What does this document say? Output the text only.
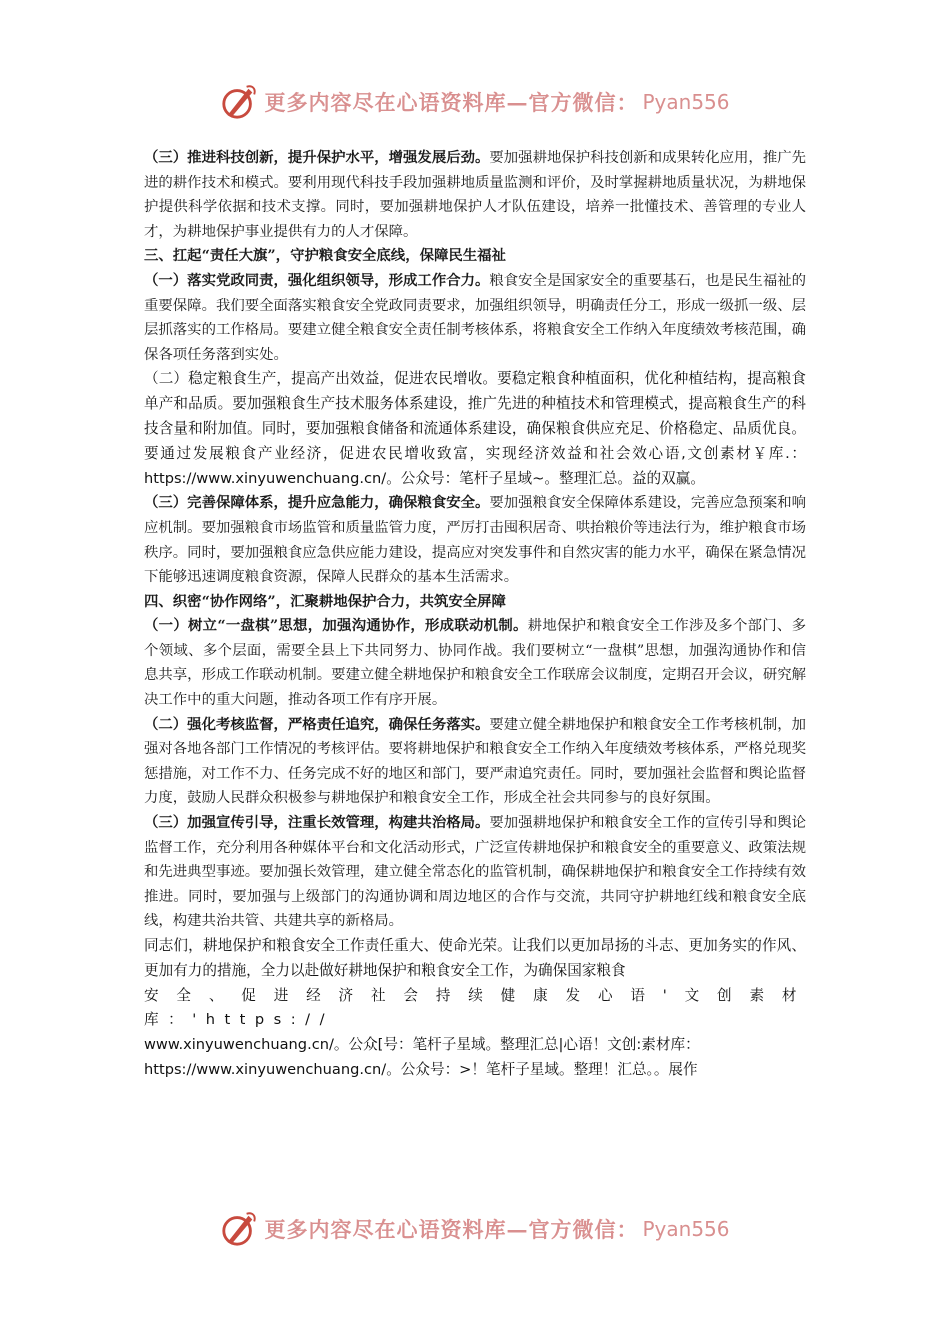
更多内容尽在心语资料库—官方微信： Pyan556

（三）推进科技创新，提升保护水平，增强发展后劲。要加强耕地保护科技创新和成果转化应用，推广先进的耕作技术和模式。要利用现代科技手段加强耕地质量监测和评价，及时掌握耕地质量状况，为耕地保护提供科学依据和技术支撑。同时，要加强耕地保护人才队伍建设，培养一批懂技术、善管理的专业人才，为耕地保护事业提供有力的人才保障。

三、扛起“责任大旗”，守护粮食安全底线，保障民生福祉

（一）落实党政同责，强化组织领导，形成工作合力。粮食安全是国家安全的重要基石，也是民生福祉的重要保障。我们要全面落实粮食安全党政同责要求，加强组织领导，明确责任分工，形成一级抓一级、层层抓落实的工作格局。要建立健全粮食安全责任制考核体系，将粮食安全工作纳入年度绩效考核范围，确保各项任务落到实处。

（二）稳定粮食生产，提高产出效益，促进农民增收。要稳定粮食种植面积，优化种植结构，提高粮食单产和品质。要加强粮食生产技术服务体系建设，推广先进的种植技术和管理模式，提高粮食生产的科技含量和附加值。同时，要加强粮食储备和流通体系建设，确保粮食供应充足、价格稳定、品质优良。要通过发展粮食产业经济，促进农民增收致富，实现经济效益和社会效心语,文创素材￥库.：https://www.xinyuwenchuang.cn/。公众号：笔杆子星域~。整理汇总。益的双赢。

（三）完善保障体系，提升应急能力，确保粮食安全。要加强粮食安全保障体系建设，完善应急预案和响应机制。要加强粮食市场监管和质量监管力度，严厉打击囤积居奇、哄抬粮价等违法行为，维护粮食市场秩序。同时，要加强粮食应急供应能力建设，提高应对突发事件和自然灾害的能力水平，确保在紧急情况下能够迅速调度粮食资源，保障人民群众的基本生活需求。

四、织密“协作网络”，汇聚耕地保护合力，共筑安全屏障

（一）树立“一盘棋”思想，加强沟通协作，形成联动机制。耕地保护和粮食安全工作涉及多个部门、多个领域、多个层面，需要全县上下共同努力、协同作战。我们要树立“一盘棋”思想，加强沟通协作和信息共享，形成工作联动机制。要建立健全耕地保护和粮食安全工作联席会议制度，定期召开会议，研究解决工作中的重大问题，推动各项工作有序开展。

（二）强化考核监督，严格责任追究，确保任务落实。要建立健全耕地保护和粮食安全工作考核机制，加强对各地各部门工作情况的考核评估。要将耕地保护和粮食安全工作纳入年度绩效考核体系，严格兑现奖惩措施，对工作不力、任务完成不好的地区和部门，要严肃追究责任。同时，要加强社会监督和舆论监督力度，鼓励人民群众积极参与耕地保护和粮食安全工作，形成全社会共同参与的良好氛围。

（三）加强宣传引导，注重长效管理，构建共治格局。要加强耕地保护和粮食安全工作的宣传引导和舆论监督工作，充分利用各种媒体平台和文化活动形式，广泛宣传耕地保护和粮食安全的重要意义、政策法规和先进典型事迹。要加强长效管理，建立健全常态化的监管机制，确保耕地保护和粮食安全工作持续有效推进。同时，要加强与上级部门的沟通协调和周边地区的合作与交流，共同守护耕地红线和粮食安全底线，构建共治共管、共建共享的新格局。

同志们，耕地保护和粮食安全工作责任重大、使命光荣。让我们以更加昂扬的斗志、更加务实的作风、更加有力的措施，全力以赴做好耕地保护和粮食安全工作，为确保国家粮食

安全、促进经济社会持续健康发心语'文创素材库：'https://

www.xinyuwenchuang.cn/。公众[号：笔杆子星域。整理汇总|心语！文创:素材库：

https://www.xinyuwenchuang.cn/。公众号：>！笔杆子星域。整理！汇总。。展作

更多内容尽在心语资料库—官方微信： Pyan556
